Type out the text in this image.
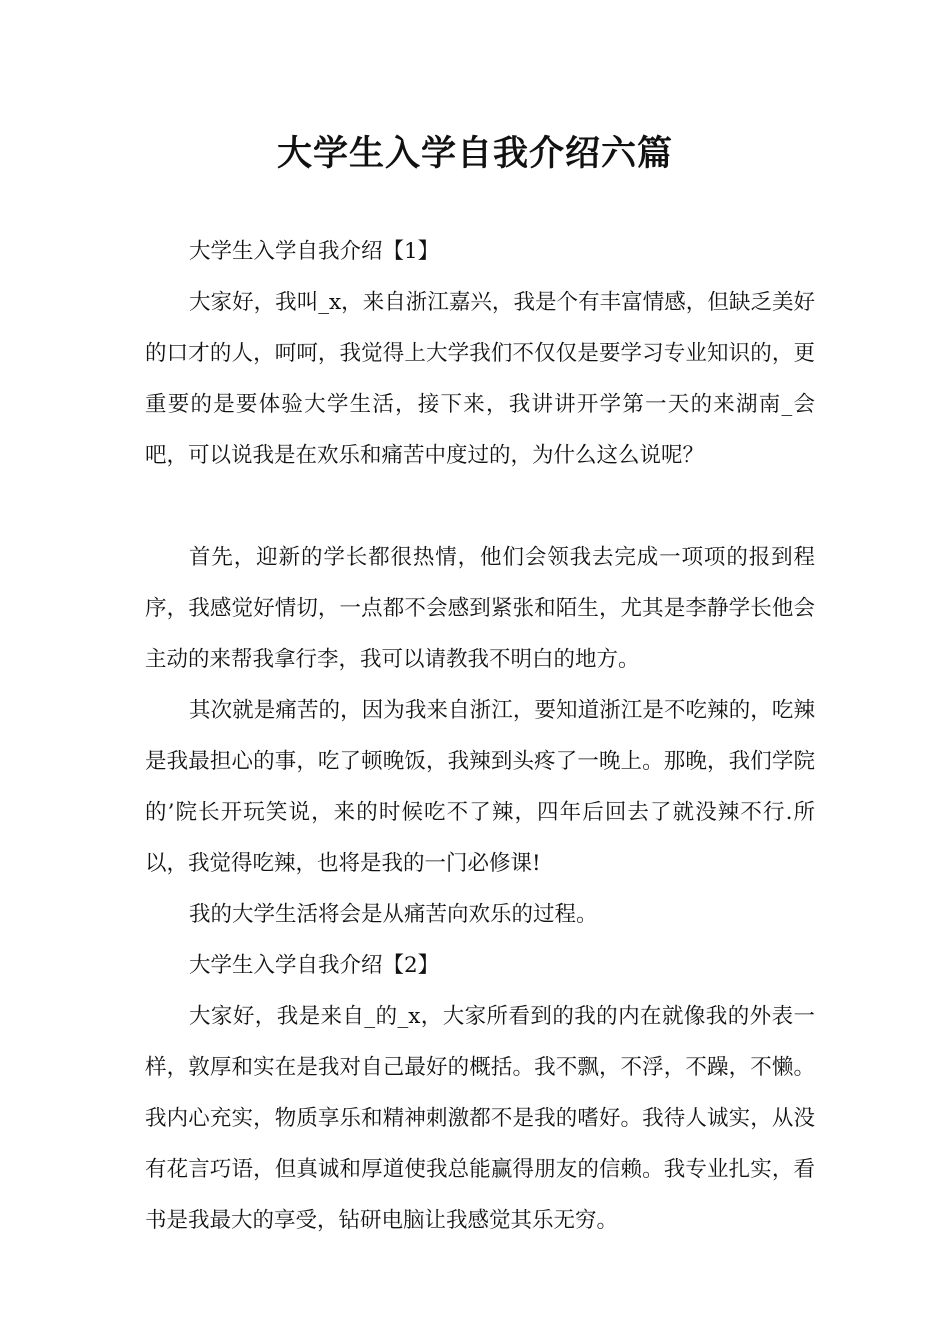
大学生入学自我介绍六篇

大学生入学自我介绍【1】

大家好，我叫_x，来自浙江嘉兴，我是个有丰富情感，但缺乏美好的口才的人，呵呵，我觉得上大学我们不仅仅是要学习专业知识的，更重要的是要体验大学生活，接下来，我讲讲开学第一天的来湖南_会吧，可以说我是在欢乐和痛苦中度过的，为什么这么说呢？

首先，迎新的学长都很热情，他们会领我去完成一项项的报到程序，我感觉好情切，一点都不会感到紧张和陌生，尤其是李静学长他会主动的来帮我拿行李，我可以请教我不明白的地方。

其次就是痛苦的，因为我来自浙江，要知道浙江是不吃辣的，吃辣是我最担心的事，吃了顿晚饭，我辣到头疼了一晚上。那晚，我们学院的’院长开玩笑说，来的时候吃不了辣，四年后回去了就没辣不行.所以，我觉得吃辣，也将是我的一门必修课!

我的大学生活将会是从痛苦向欢乐的过程。

大学生入学自我介绍【2】

大家好，我是来自_的_x，大家所看到的我的内在就像我的外表一样，敦厚和实在是我对自己最好的概括。我不飘，不浮，不躁，不懒。我内心充实，物质享乐和精神刺激都不是我的嗜好。我待人诚实，从没有花言巧语，但真诚和厚道使我总能赢得朋友的信赖。我专业扎实，看书是我最大的享受，钻研电脑让我感觉其乐无穷。
